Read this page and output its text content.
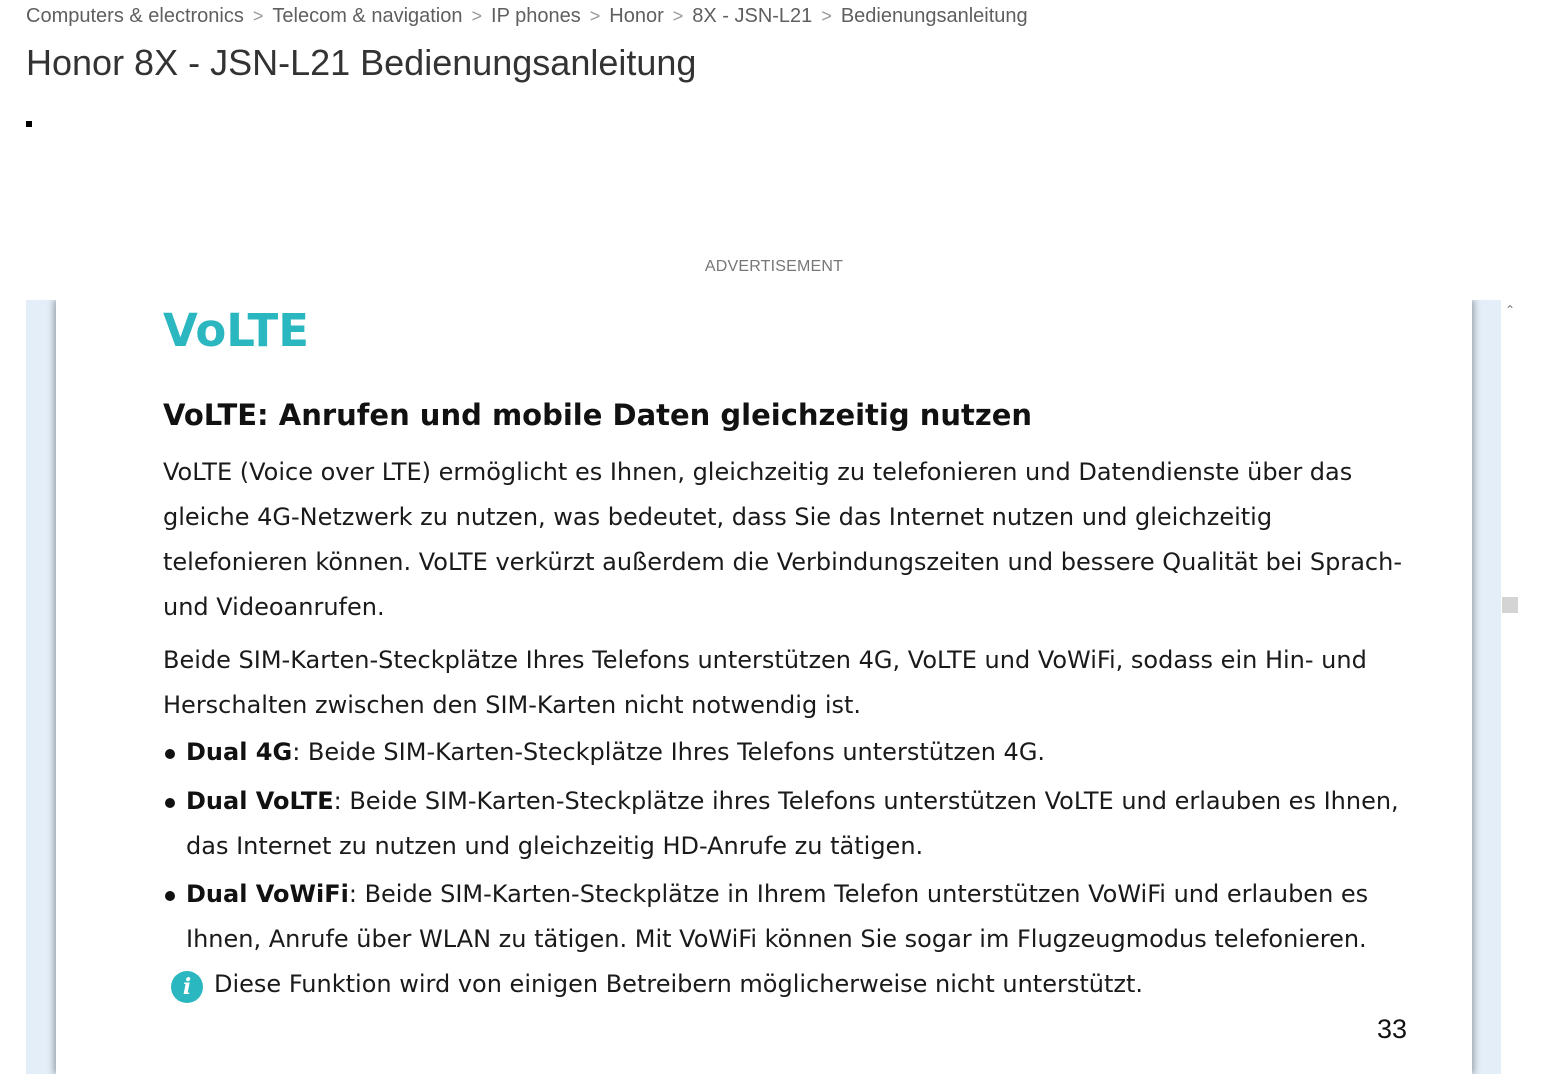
Computers & electronics > Telecom & navigation > IP phones > Honor > 8X - JSN-L21 > Bedienungsanleitung
Honor 8X - JSN-L21 Bedienungsanleitung
ADVERTISEMENT
VoLTE
VoLTE: Anrufen und mobile Daten gleichzeitig nutzen

VoLTE (Voice over LTE) ermöglicht es Ihnen, gleichzeitig zu telefonieren und Datendienste über das gleiche 4G-Netzwerk zu nutzen, was bedeutet, dass Sie das Internet nutzen und gleichzeitig telefonieren können. VoLTE verkürzt außerdem die Verbindungszeiten und bessere Qualität bei Sprach- und Videoanrufen.

Beide SIM-Karten-Steckplätze Ihres Telefons unterstützen 4G, VoLTE und VoWiFi, sodass ein Hin- und Herschalten zwischen den SIM-Karten nicht notwendig ist.

Dual 4G: Beide SIM-Karten-Steckplätze Ihres Telefons unterstützen 4G.
Dual VoLTE: Beide SIM-Karten-Steckplätze ihres Telefons unterstützen VoLTE und erlauben es Ihnen, das Internet zu nutzen und gleichzeitig HD-Anrufe zu tätigen.
Dual VoWiFi: Beide SIM-Karten-Steckplätze in Ihrem Telefon unterstützen VoWiFi und erlauben es Ihnen, Anrufe über WLAN zu tätigen. Mit VoWiFi können Sie sogar im Flugzeugmodus telefonieren.
i Diese Funktion wird von einigen Betreibern möglicherweise nicht unterstützt.
33
⌃
